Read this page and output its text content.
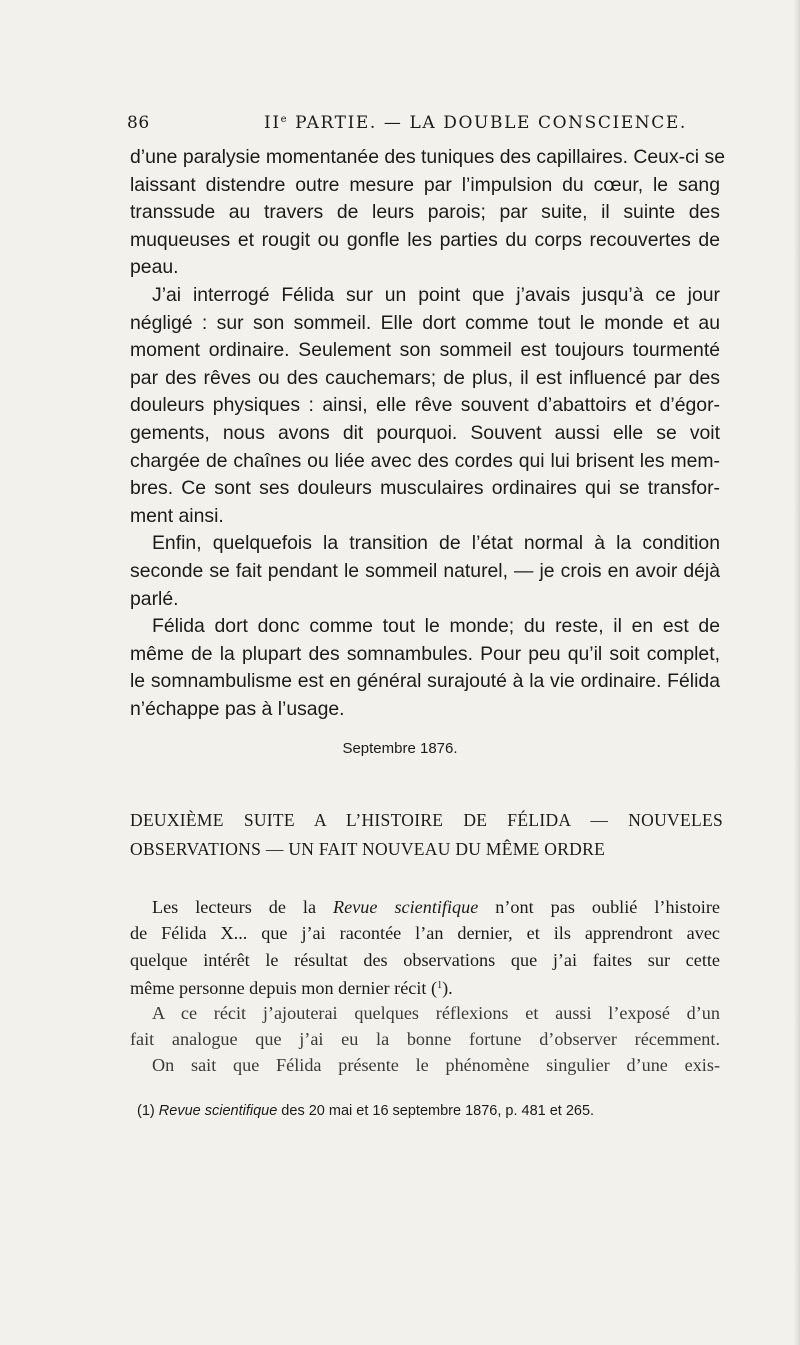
86	IIe PARTIE. — LA DOUBLE CONSCIENCE.
d’une paralysie momentanée des tuniques des capillaires. Ceux-ci se
laissant distendre outre mesure par l’impulsion du cœur, le sang
transsude au travers de leurs parois; par suite, il suinte des
muqueuses et rougit ou gonfle les parties du corps recouvertes de
peau.
J’ai interrogé Félida sur un point que j’avais jusqu’à ce jour
négligé : sur son sommeil. Elle dort comme tout le monde et au
moment ordinaire. Seulement son sommeil est toujours tourmenté
par des rêves ou des cauchemars; de plus, il est influencé par des
douleurs physiques : ainsi, elle rêve souvent d’abattoirs et d’égor-
gements, nous avons dit pourquoi. Souvent aussi elle se voit
chargée de chaînes ou liée avec des cordes qui lui brisent les mem-
bres. Ce sont ses douleurs musculaires ordinaires qui se transfor-
ment ainsi.
Enfin, quelquefois la transition de l’état normal à la condition
seconde se fait pendant le sommeil naturel, — je crois en avoir déjà
parlé.
Félida dort donc comme tout le monde; du reste, il en est de
même de la plupart des somnambules. Pour peu qu’il soit complet,
le somnambulisme est en général surajouté à la vie ordinaire. Félida
n’échappe pas à l’usage.
Septembre 1876.
DEUXIÈME SUITE A L’HISTOIRE DE FÉLIDA — NOUVELES
OBSERVATIONS — UN FAIT NOUVEAU DU MÊME ORDRE
Les lecteurs de la Revue scientifique n’ont pas oublié l’histoire
de Félida X... que j’ai racontée l’an dernier, et ils apprendront avec
quelque intérêt le résultat des observations que j’ai faites sur cette
même personne depuis mon dernier récit ($^1$).
A ce récit j’ajouterai quelques réflexions et aussi l’exposé d’un
fait analogue que j’ai eu la bonne fortune d’observer récemment.
On sait que Félida présente le phénomène singulier d’une exis-
(1) Revue scientifique des 20 mai et 16 septembre 1876, p. 481 et 265.
